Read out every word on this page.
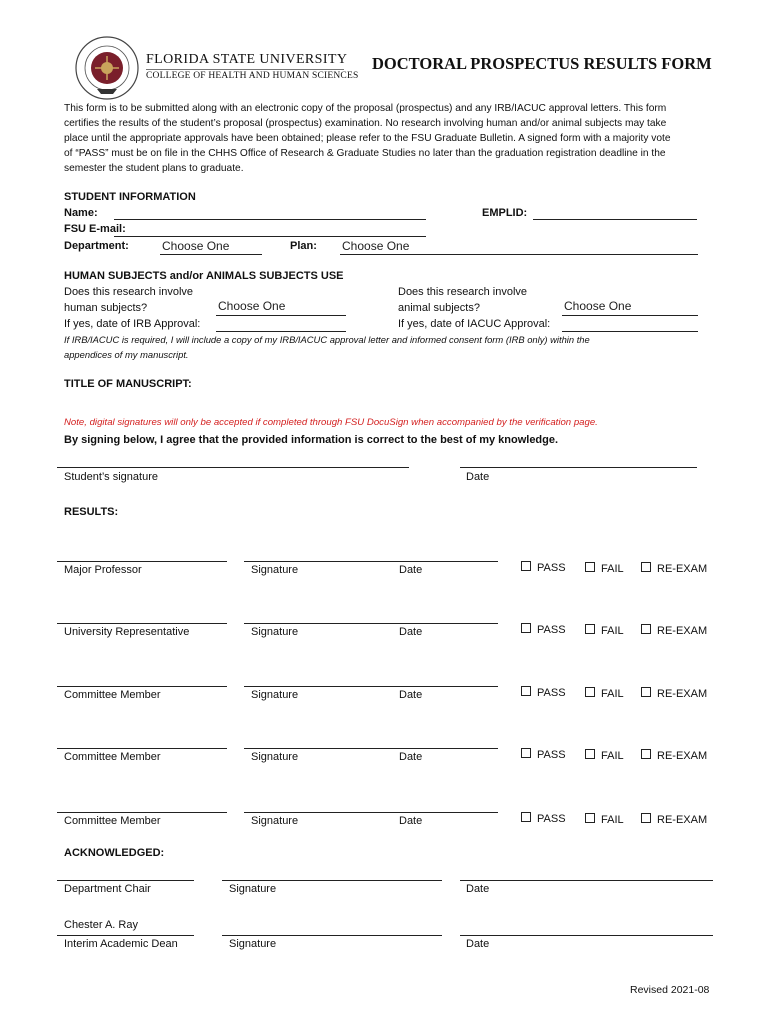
FLORIDA STATE UNIVERSITY
COLLEGE OF HEALTH AND HUMAN SCIENCES
DOCTORAL PROSPECTUS RESULTS FORM
This form is to be submitted along with an electronic copy of the proposal (prospectus) and any IRB/IACUC approval letters. This form
certifies the results of the student’s proposal (prospectus) examination. No research involving human and/or animal subjects may take
place until the appropriate approvals have been obtained; please refer to the FSU Graduate Bulletin. A signed form with a majority vote
of “PASS” must be on file in the CHHS Office of Research & Graduate Studies no later than the graduation registration deadline in the
semester the student plans to graduate.
STUDENT INFORMATION
Name:	EMPLID:
FSU E-mail:
Department:	Choose One	Plan: Choose One
HUMAN SUBJECTS and/or ANIMALS SUBJECTS USE
Does this research involve
human subjects?	Choose One
If yes, date of IRB Approval:
Does this research involve
animal subjects?	Choose One
If yes, date of IACUC Approval:
If IRB/IACUC is required, I will include a copy of my IRB/IACUC approval letter and informed consent form (IRB only) within the
appendices of my manuscript.
TITLE OF MANUSCRIPT:
Note, digital signatures will only be accepted if completed through FSU DocuSign when accompanied by the verification page.
By signing below, I agree that the provided information is correct to the best of my knowledge.
Student’s signature	Date
RESULTS:
Major Professor	Signature	Date	PASS	FAIL	RE-EXAM
University Representative	Signature	Date	PASS	FAIL	RE-EXAM
Committee Member	Signature	Date	PASS	FAIL	RE-EXAM
Committee Member	Signature	Date	PASS	FAIL	RE-EXAM
Committee Member	Signature	Date	PASS	FAIL	RE-EXAM
ACKNOWLEDGED:
Department Chair	Signature	Date
Chester A. Ray
Interim Academic Dean	Signature	Date
Revised 2021-08
